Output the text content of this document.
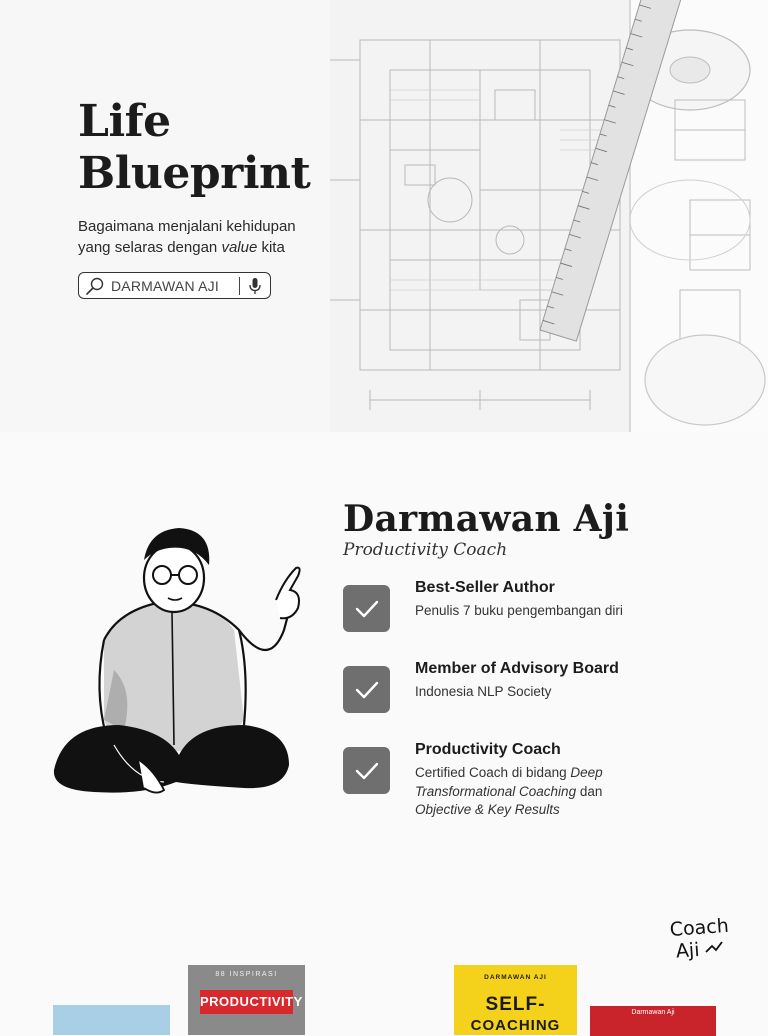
Life
Blueprint

Bagaimana menjalani kehidupan
yang selaras dengan value kita

DARMAWAN AJI
Darmawan Aji
Productivity Coach
Best-Seller Author
Penulis 7 buku pengembangan diri
Member of Advisory Board
Indonesia NLP Society
Productivity Coach
Certified Coach di bidang Deep
Transformational Coaching dan
Objective & Key Results
Coach
Aji
88 INSPIRASI
PRODUCTIVITY
DARMAWAN AJI
SELF-
COACHING
Darmawan Aji
